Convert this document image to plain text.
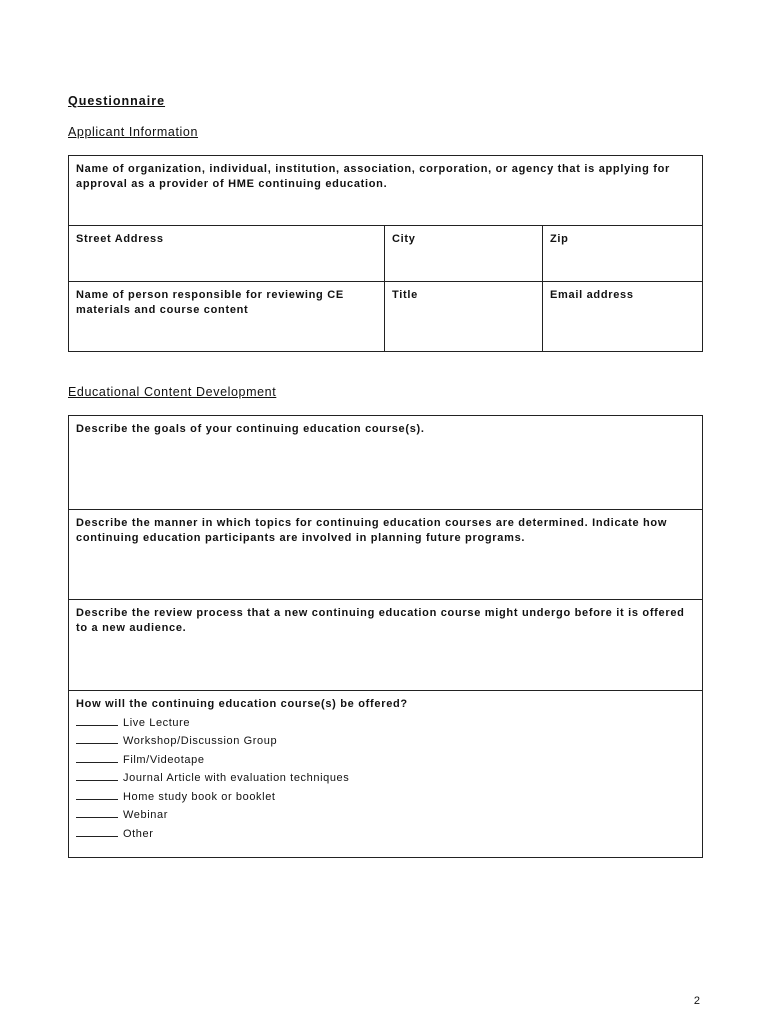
Questionnaire
Applicant Information
Name of organization, individual, institution, association, corporation, or agency that is applying for approval as a provider of HME continuing education.		
Street Address	City	Zip
Name of person responsible for reviewing CE materials and course content	Title	Email address
Educational Content Development
Describe the goals of your continuing education course(s).
Describe the manner in which topics for continuing education courses are determined. Indicate how continuing education participants are involved in planning future programs.
Describe the review process that a new continuing education course might undergo before it is offered to a new audience.

How will the continuing education course(s) be offered?
Live Lecture
Workshop/Discussion Group
Film/Videotape
Journal Article with evaluation techniques
Home study book or booklet
Webinar
Other
2
